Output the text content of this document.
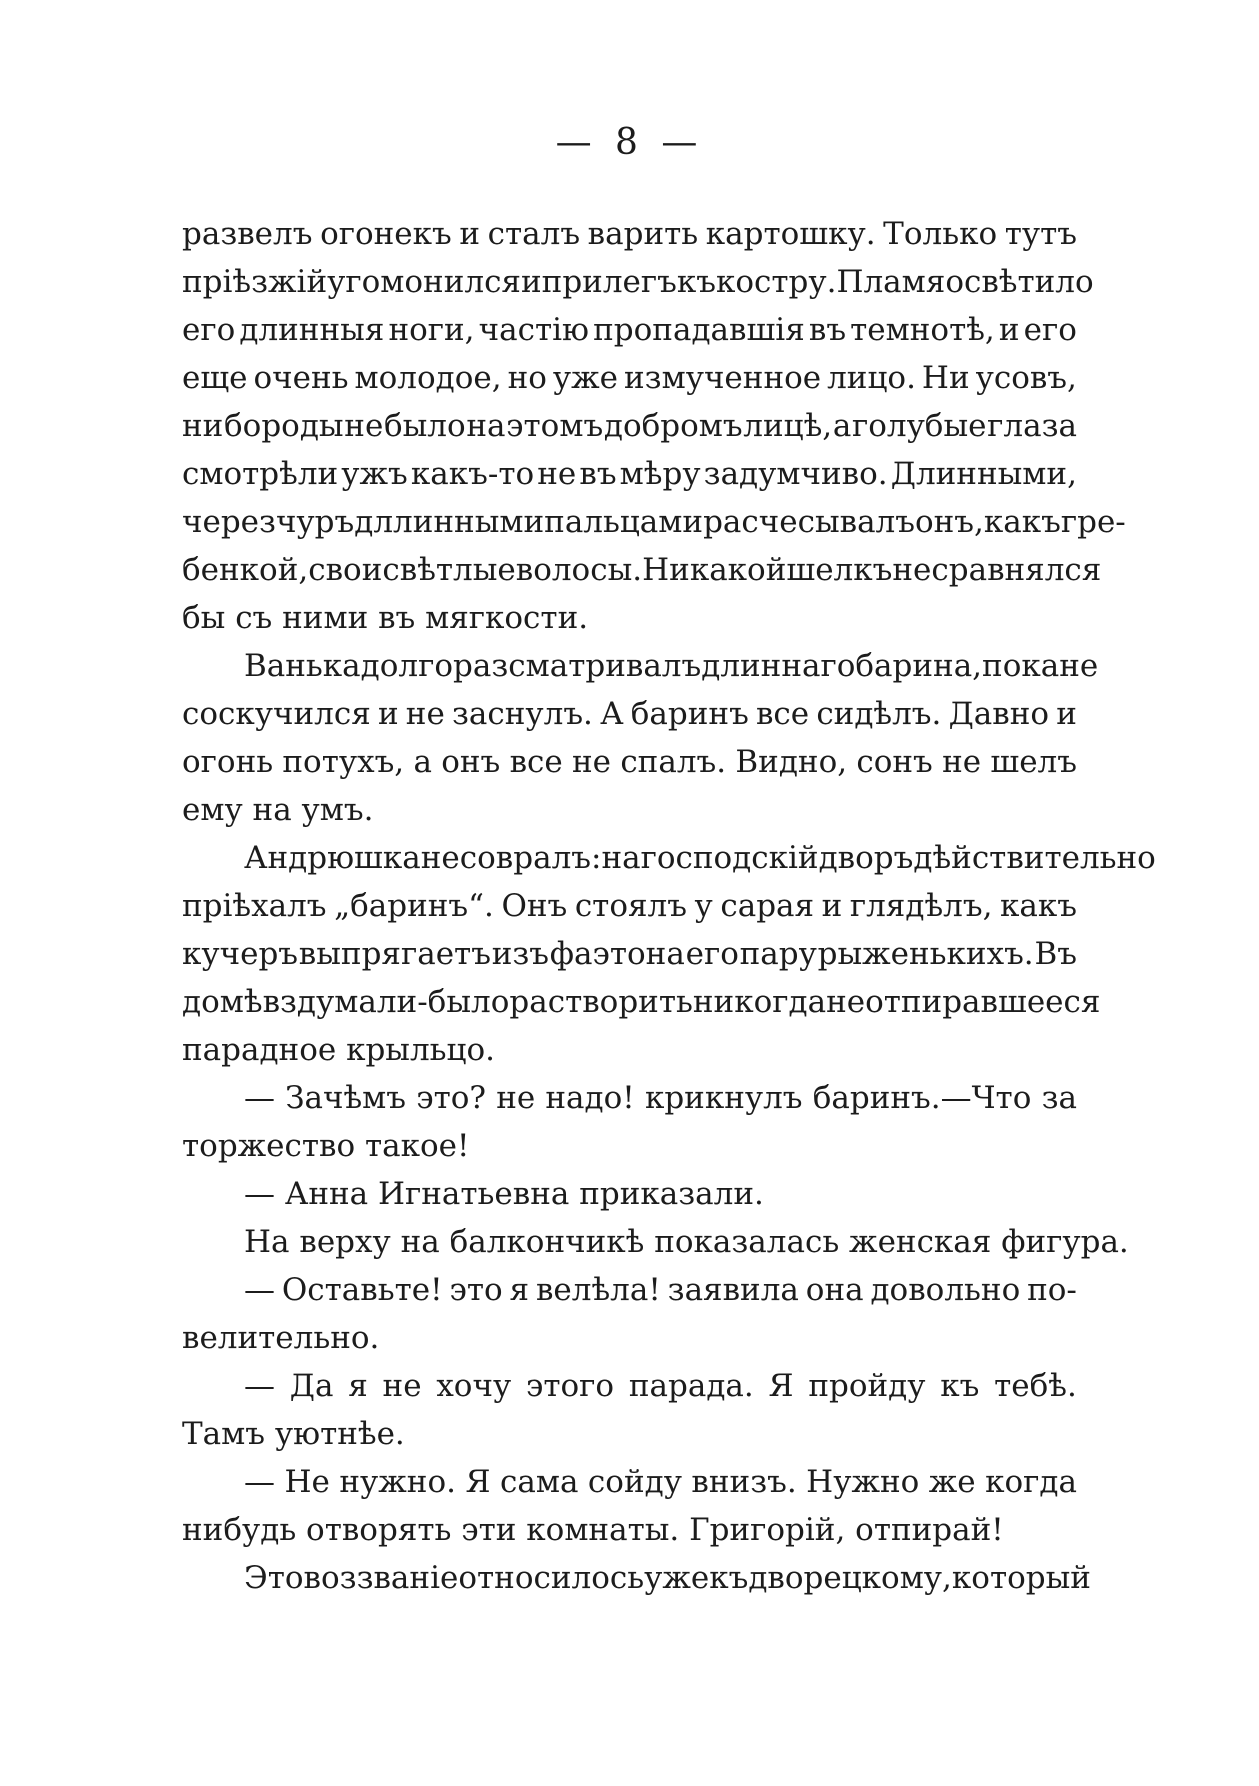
— 8 —
развелъ огонекъ и сталъ варить картошку. Только тутъ
прiѣзжiй угомонился и прилегъ къ костру. Пламя освѣтило
его длинныя ноги, частiю пропадавшiя въ темнотѣ, и его
еще очень молодое, но уже измученное лицо. Ни усовъ,
ни бороды не было на этомъ добромъ лицѣ, а голубые глаза
смотрѣли ужъ какъ-то не въ мѣру задумчиво. Длинными,
черезчуръ дллинными пальцами расчесывалъ онъ, какъ гре-
бенкой, свои свѣтлые волосы. Никакой шелкъ не сравнялся
бы съ ними въ мягкости.
Ванька долго разсматривалъ длиннаго барина, пока не
соскучился и не заснулъ. А баринъ все сидѣлъ. Давно и
огонь потухъ, а онъ все не спалъ. Видно, сонъ не шелъ
ему на умъ.
Андрюшка не совралъ: на господскiй дворъ дѣйствительно
прiѣхалъ „баринъ“. Онъ стоялъ у сарая и глядѣлъ, какъ
кучеръ выпрягаетъ изъ фаэтона его пару рыженькихъ. Въ
домѣ вздумали-было растворить никогда не отпиравшееся
парадное крыльцо.
— Зачѣмъ это? не надо! крикнулъ баринъ.—Что за
торжество такое!
— Анна Игнатьевна приказали.
На верху на балкончикѣ показалась женская фигура.
— Оставьте! это я велѣла! заявила она довольно по-
велительно.
— Да я не хочу этого парада. Я пройду къ тебѣ.
Тамъ уютнѣе.
— Не нужно. Я сама сойду внизъ. Нужно же когда
нибудь отворять эти комнаты. Григорiй, отпирай!
Это воззванiе относилось уже къ дворецкому, который
